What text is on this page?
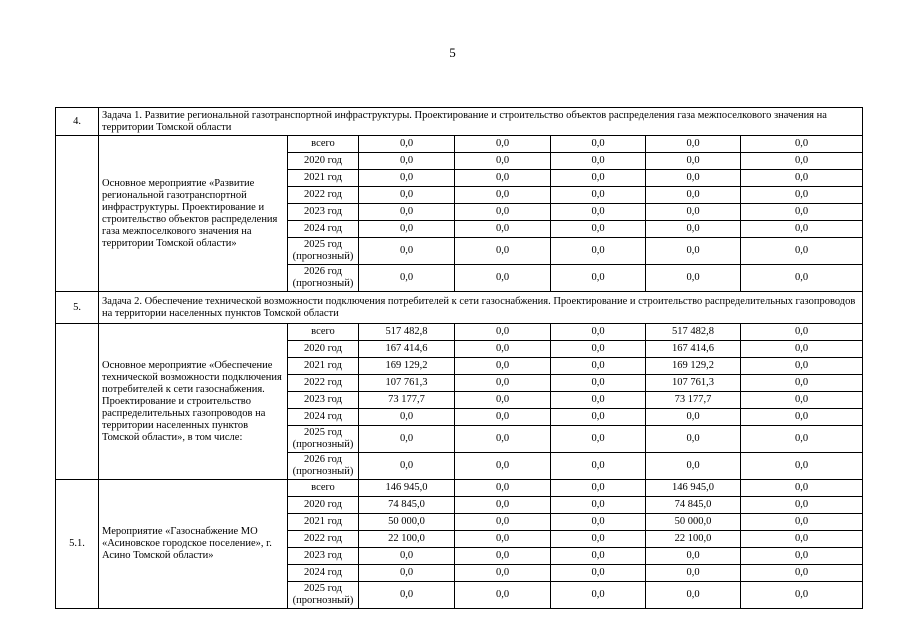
5
4.	Задача 1. Развитие региональной газотранспортной инфраструктуры. Проектирование и строительство объектов распределения газа межпоселкового значения на территории Томской области						
	Основное мероприятие «Развитие региональной газотранспортной инфраструктуры. Проектирование и строительство объектов распределения газа межпоселкового значения на территории Томской области»	всего	0,0	0,0	0,0	0,0	0,0
		2020 год	0,0	0,0	0,0	0,0	0,0
		2021 год	0,0	0,0	0,0	0,0	0,0
		2022 год	0,0	0,0	0,0	0,0	0,0
		2023 год	0,0	0,0	0,0	0,0	0,0
		2024 год	0,0	0,0	0,0	0,0	0,0
		2025 год (прогнозный)	0,0	0,0	0,0	0,0	0,0
		2026 год (прогнозный)	0,0	0,0	0,0	0,0	0,0
5.	Задача 2. Обеспечение технической возможности подключения потребителей к сети газоснабжения. Проектирование и строительство распределительных газопроводов на территории населенных пунктов Томской области						
	Основное мероприятие «Обеспечение технической возможности подключения потребителей к сети газоснабжения. Проектирование и строительство распределительных газопроводов на территории населенных пунктов Томской области», в том числе:	всего	517 482,8	0,0	0,0	517 482,8	0,0
		2020 год	167 414,6	0,0	0,0	167 414,6	0,0
		2021 год	169 129,2	0,0	0,0	169 129,2	0,0
		2022 год	107 761,3	0,0	0,0	107 761,3	0,0
		2023 год	73 177,7	0,0	0,0	73 177,7	0,0
		2024 год	0,0	0,0	0,0	0,0	0,0
		2025 год (прогнозный)	0,0	0,0	0,0	0,0	0,0
		2026 год (прогнозный)	0,0	0,0	0,0	0,0	0,0
5.1.	Мероприятие «Газоснабжение МО «Асиновское городское поселение», г. Асино Томской области»	всего	146 945,0	0,0	0,0	146 945,0	0,0
		2020 год	74 845,0	0,0	0,0	74 845,0	0,0
		2021 год	50 000,0	0,0	0,0	50 000,0	0,0
		2022 год	22 100,0	0,0	0,0	22 100,0	0,0
		2023 год	0,0	0,0	0,0	0,0	0,0
		2024 год	0,0	0,0	0,0	0,0	0,0
		2025 год (прогнозный)	0,0	0,0	0,0	0,0	0,0
